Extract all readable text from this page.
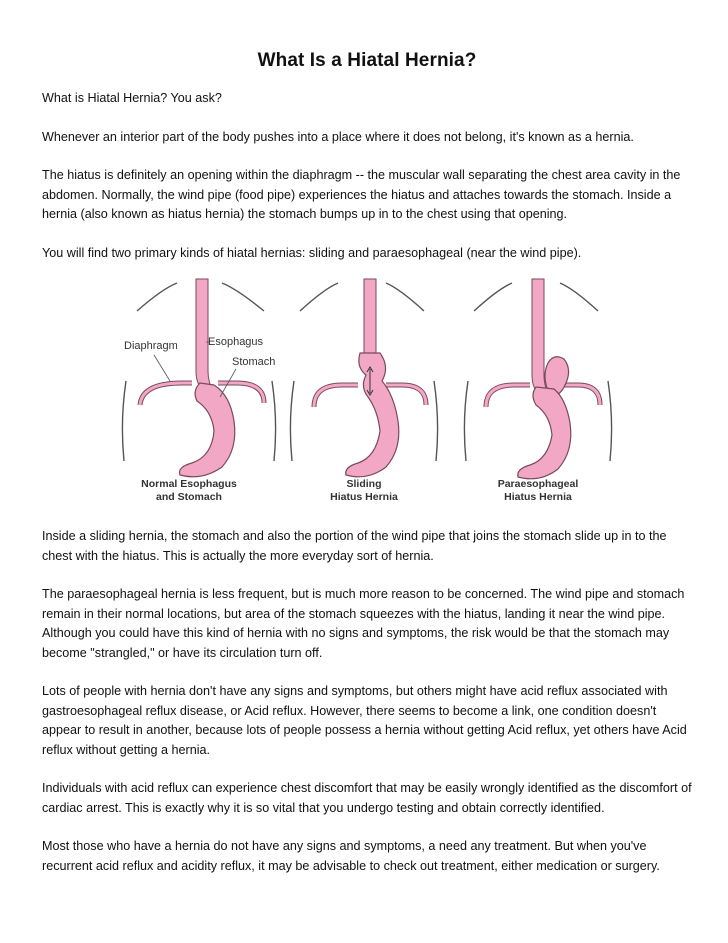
What Is a Hiatal Hernia?

What is Hiatal Hernia? You ask?

Whenever an interior part of the body pushes into a place where it does not belong, it's known as a hernia.

The hiatus is definitely an opening within the diaphragm -- the muscular wall separating the chest area cavity in the abdomen. Normally, the wind pipe (food pipe) experiences the hiatus and attaches towards the stomach. Inside a hernia (also known as hiatus hernia) the stomach bumps up in to the chest using that opening.

You will find two primary kinds of hiatal hernias: sliding and paraesophageal (near the wind pipe).

Diaphragm	Esophagus
Stomach
Normal Esophagus
and Stomach
Sliding
Hiatus Hernia
Paraesophageal
Hiatus Hernia

Inside a sliding hernia, the stomach and also the portion of the wind pipe that joins the stomach slide up in to the chest with the hiatus. This is actually the more everyday sort of hernia.

The paraesophageal hernia is less frequent, but is much more reason to be concerned. The wind pipe and stomach remain in their normal locations, but area of the stomach squeezes with the hiatus, landing it near the wind pipe. Although you could have this kind of hernia with no signs and symptoms, the risk would be that the stomach may become "strangled," or have its circulation turn off.

Lots of people with hernia don't have any signs and symptoms, but others might have acid reflux associated with gastroesophageal reflux disease, or Acid reflux. However, there seems to become a link, one condition doesn't appear to result in another, because lots of people possess a hernia without getting Acid reflux, yet others have Acid reflux without getting a hernia.

Individuals with acid reflux can experience chest discomfort that may be easily wrongly identified as the discomfort of cardiac arrest. This is exactly why it is so vital that you undergo testing and obtain correctly identified.

Most those who have a hernia do not have any signs and symptoms, a need any treatment. But when you've recurrent acid reflux and acidity reflux, it may be advisable to check out treatment, either medication or surgery.
